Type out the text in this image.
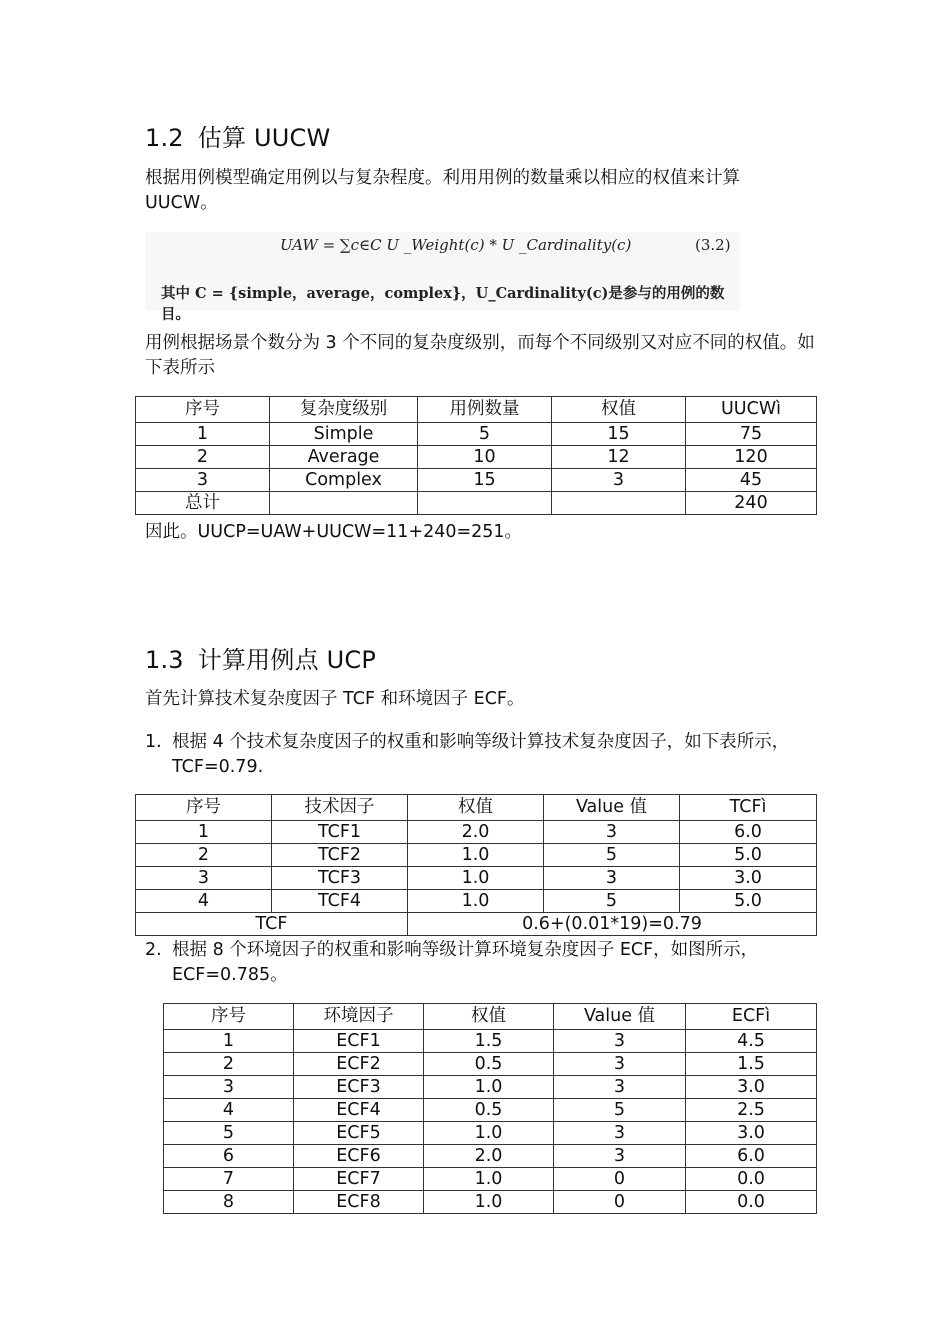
1.2 估算 UUCW
根据用例模型确定用例以与复杂程度。利用用例的数量乘以相应的权值来计算 UUCW。
UAW = ∑c∈C U _Weight(c) * U _Cardinality(c)	(3.2)
其中 C = {simple，average，complex}，U_Cardinality(c)是参与的用例的数目。
用例根据场景个数分为 3 个不同的复杂度级别，而每个不同级别又对应不同的权值。如下表所示
序号	复杂度级别	用例数量	权值	UUCWì
1	Simple	5	15	75
2	Average	10	12	120
3	Complex	15	3	45
总计				240
因此。UUCP=UAW+UUCW=11+240=251。
1.3 计算用例点 UCP
首先计算技术复杂度因子 TCF 和环境因子 ECF。
1. 根据 4 个技术复杂度因子的权重和影响等级计算技术复杂度因子，如下表所示，TCF=0.79.
序号	技术因子	权值	Value 值	TCFì
1	TCF1	2.0	3	6.0
2	TCF2	1.0	5	5.0
3	TCF3	1.0	3	3.0
4	TCF4	1.0	5	5.0
TCF		0.6+(0.01*19)=0.79		
2. 根据 8 个环境因子的权重和影响等级计算环境复杂度因子 ECF，如图所示，ECF=0.785。
序号	环境因子	权值	Value 值	ECFì
1	ECF1	1.5	3	4.5
2	ECF2	0.5	3	1.5
3	ECF3	1.0	3	3.0
4	ECF4	0.5	5	2.5
5	ECF5	1.0	3	3.0
6	ECF6	2.0	3	6.0
7	ECF7	1.0	0	0.0
8	ECF8	1.0	0	0.0
